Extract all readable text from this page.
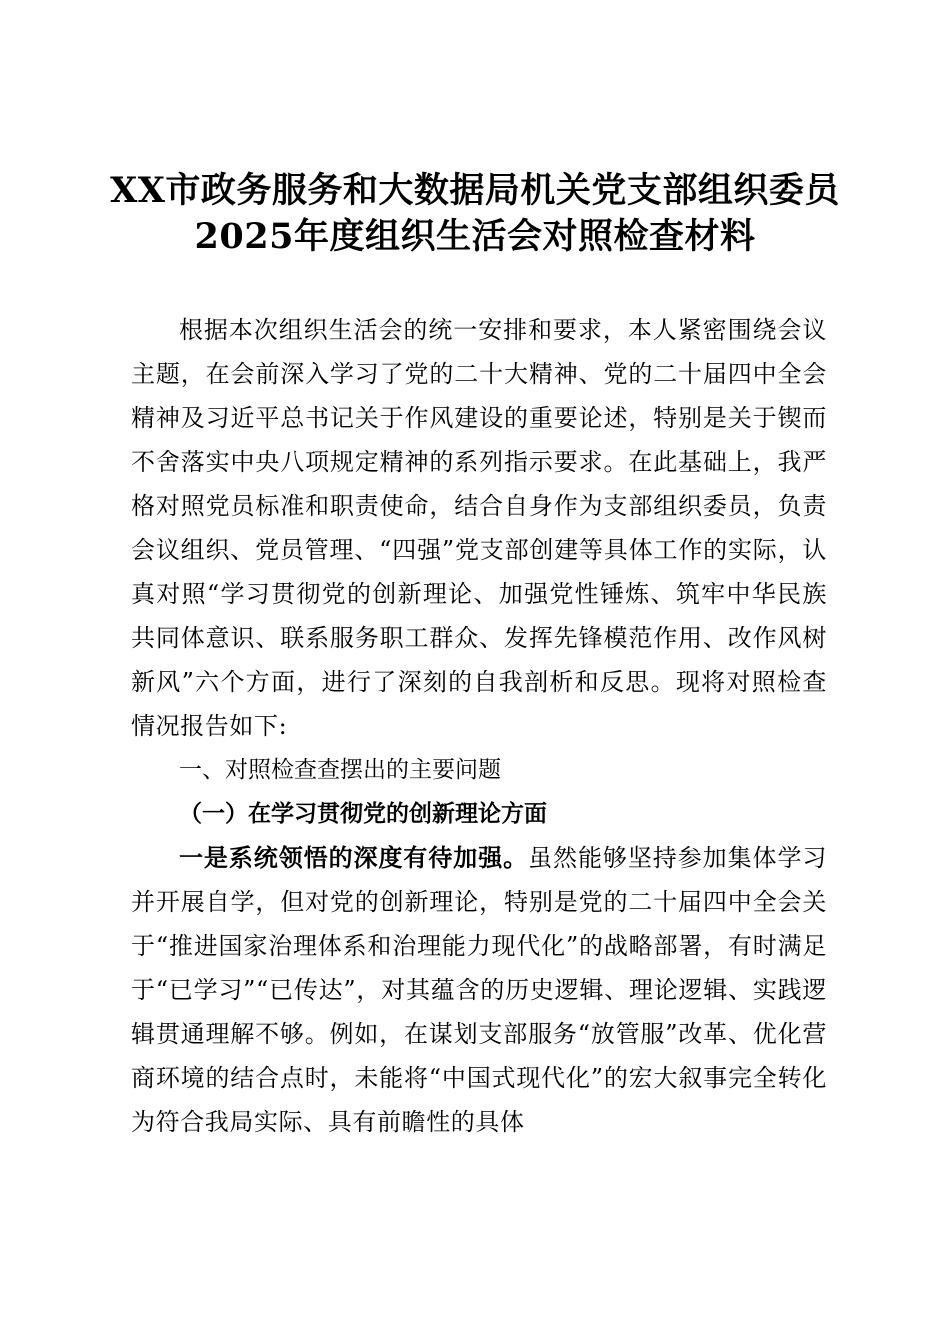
XX市政务服务和大数据局机关党支部组织委员2025年度组织生活会对照检查材料

根据本次组织生活会的统一安排和要求，本人紧密围绕会议主题，在会前深入学习了党的二十大精神、党的二十届四中全会精神及习近平总书记关于作风建设的重要论述，特别是关于锲而不舍落实中央八项规定精神的系列指示要求。在此基础上，我严格对照党员标准和职责使命，结合自身作为支部组织委员，负责会议组织、党员管理、“四强”党支部创建等具体工作的实际，认真对照“学习贯彻党的创新理论、加强党性锤炼、筑牢中华民族共同体意识、联系服务职工群众、发挥先锋模范作用、改作风树新风”六个方面，进行了深刻的自我剖析和反思。现将对照检查情况报告如下:

一、对照检查查摆出的主要问题

（一）在学习贯彻党的创新理论方面

一是系统领悟的深度有待加强。虽然能够坚持参加集体学习并开展自学，但对党的创新理论，特别是党的二十届四中全会关于“推进国家治理体系和治理能力现代化”的战略部署，有时满足于“已学习”“已传达”，对其蕴含的历史逻辑、理论逻辑、实践逻辑贯通理解不够。例如，在谋划支部服务“放管服”改革、优化营商环境的结合点时，未能将“中国式现代化”的宏大叙事完全转化为符合我局实际、具有前瞻性的具体
